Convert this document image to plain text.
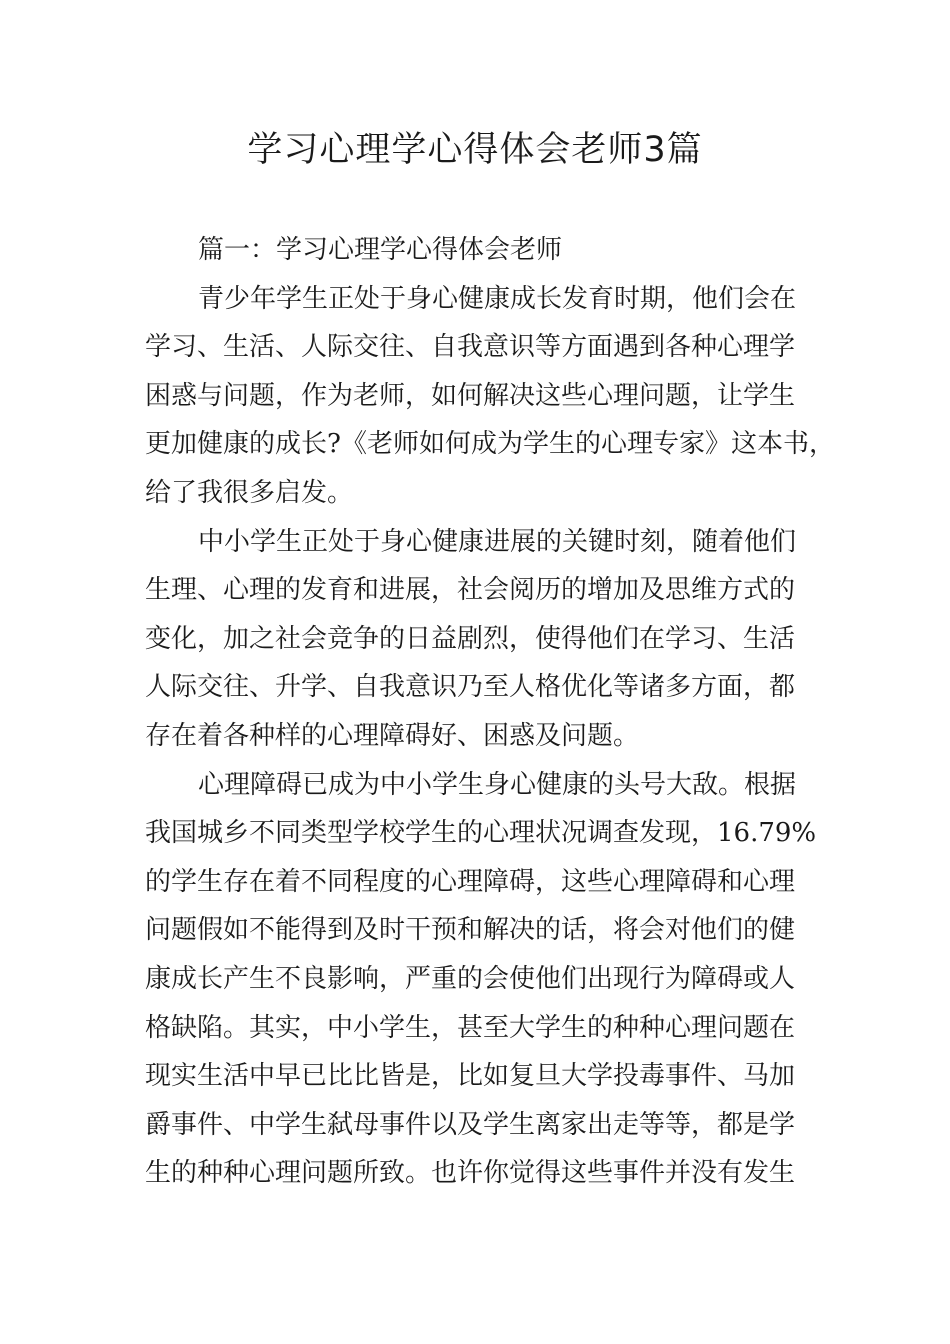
学习心理学心得体会老师3篇
篇一：学习心理学心得体会老师
青少年学生正处于身心健康成长发育时期，他们会在
学习、生活、人际交往、自我意识等方面遇到各种心理学
困惑与问题，作为老师，如何解决这些心理问题，让学生
更加健康的成长?《老师如何成为学生的心理专家》这本书，
给了我很多启发。
中小学生正处于身心健康进展的关键时刻，随着他们
生理、心理的发育和进展，社会阅历的增加及思维方式的
变化，加之社会竞争的日益剧烈，使得他们在学习、生活
人际交往、升学、自我意识乃至人格优化等诸多方面，都
存在着各种样的心理障碍好、困惑及问题。
心理障碍已成为中小学生身心健康的头号大敌。根据
我国城乡不同类型学校学生的心理状况调查发现，16.79%
的学生存在着不同程度的心理障碍，这些心理障碍和心理
问题假如不能得到及时干预和解决的话，将会对他们的健
康成长产生不良影响，严重的会使他们出现行为障碍或人
格缺陷。其实，中小学生，甚至大学生的种种心理问题在
现实生活中早已比比皆是，比如复旦大学投毒事件、马加
爵事件、中学生弑母事件以及学生离家出走等等，都是学
生的种种心理问题所致。也许你觉得这些事件并没有发生
